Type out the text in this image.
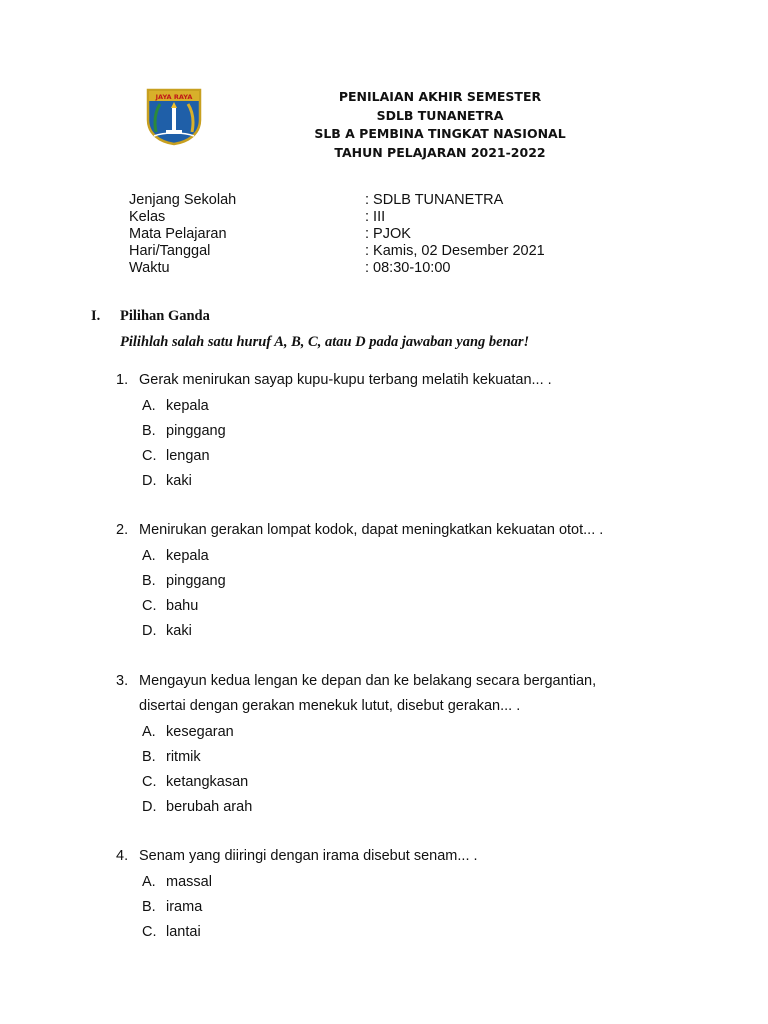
JAYA RAYA	PENILAIAN AKHIR SEMESTER
SDLB TUNANETRA
SLB A PEMBINA TINGKAT NASIONAL
TAHUN PELAJARAN 2021-2022
Jenjang Sekolah	: SDLB TUNANETRA
Kelas	: III
Mata Pelajaran	: PJOK
Hari/Tanggal	: Kamis, 02 Desember 2021
Waktu	: 08:30-10:00
I. Pilihan Ganda
Pilihlah salah satu huruf A, B, C, atau D pada jawaban yang benar!
1. Gerak menirukan sayap kupu-kupu terbang melatih kekuatan... .
A. kepala
B. pinggang
C. lengan
D. kaki
2. Menirukan gerakan lompat kodok, dapat meningkatkan kekuatan otot... .
A. kepala
B. pinggang
C. bahu
D. kaki
3. Mengayun kedua lengan ke depan dan ke belakang secara bergantian,
disertai dengan gerakan menekuk lutut, disebut gerakan... .
A. kesegaran
B. ritmik
C. ketangkasan
D. berubah arah
4. Senam yang diiringi dengan irama disebut senam... .
A. massal
B. irama
C. lantai
